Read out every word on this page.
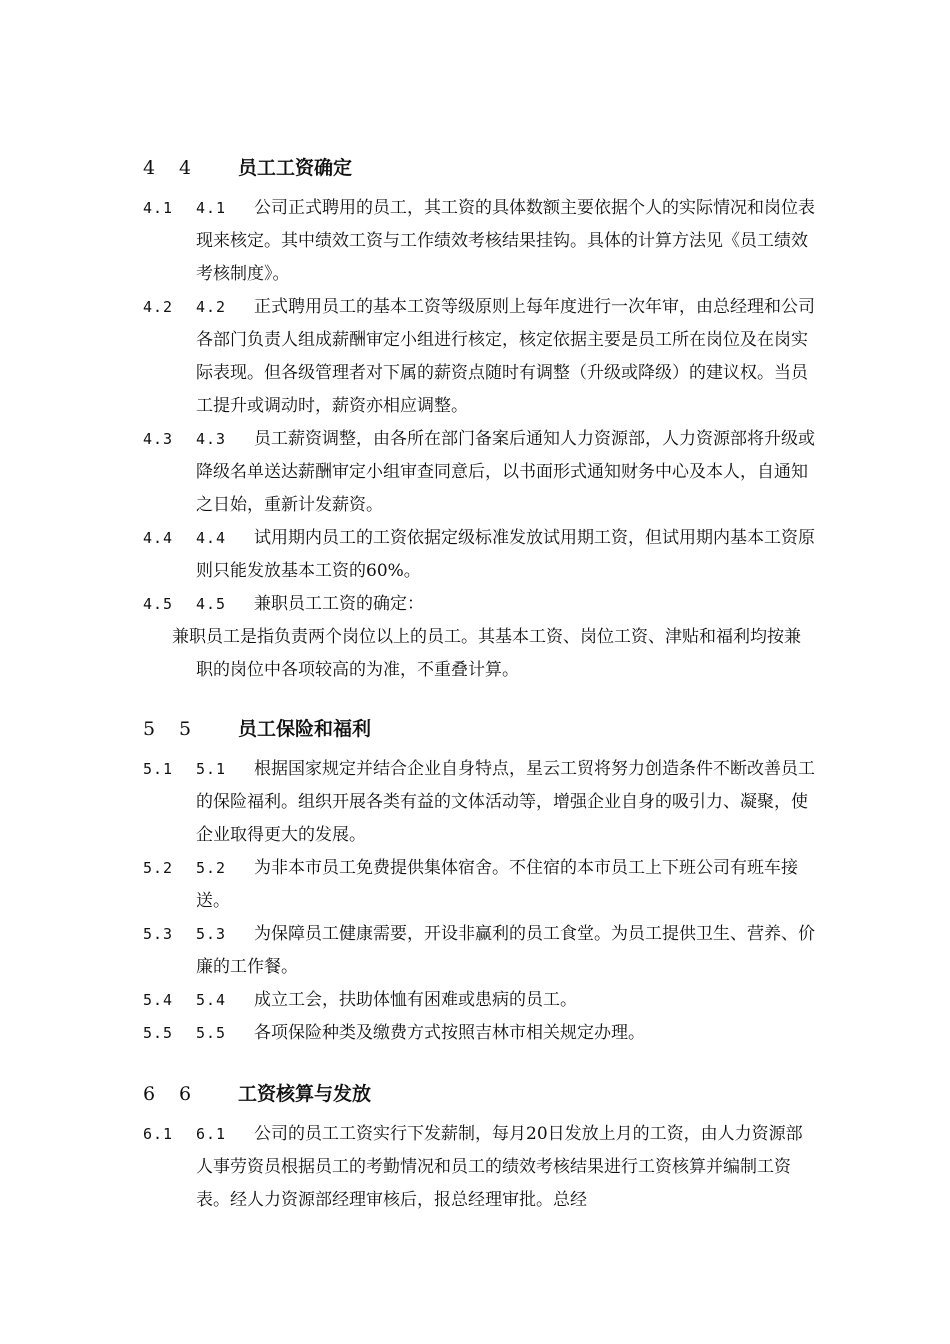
4 4 员工工资确定
4.1 4.1 公司正式聘用的员工，其工资的具体数额主要依据个人的实际情况和岗位表现来核定。其中绩效工资与工作绩效考核结果挂钩。具体的计算方法见《员工绩效考核制度》。
4.2 4.2 正式聘用员工的基本工资等级原则上每年度进行一次年审，由总经理和公司各部门负责人组成薪酬审定小组进行核定，核定依据主要是员工所在岗位及在岗实际表现。但各级管理者对下属的薪资点随时有调整（升级或降级）的建议权。当员工提升或调动时，薪资亦相应调整。
4.3 4.3 员工薪资调整，由各所在部门备案后通知人力资源部，人力资源部将升级或降级名单送达薪酬审定小组审查同意后，以书面形式通知财务中心及本人，自通知之日始，重新计发薪资。
4.4 4.4 试用期内员工的工资依据定级标准发放试用期工资，但试用期内基本工资原则只能发放基本工资的60%。
4.5 4.5 兼职员工工资的确定：
兼职员工是指负责两个岗位以上的员工。其基本工资、岗位工资、津贴和福利均按兼职的岗位中各项较高的为准，不重叠计算。
5 5 员工保险和福利
5.1 5.1 根据国家规定并结合企业自身特点，星云工贸将努力创造条件不断改善员工的保险福利。组织开展各类有益的文体活动等，增强企业自身的吸引力、凝聚，使企业取得更大的发展。
5.2 5.2 为非本市员工免费提供集体宿舍。不住宿的本市员工上下班公司有班车接送。
5.3 5.3 为保障员工健康需要，开设非赢利的员工食堂。为员工提供卫生、营养、价廉的工作餐。
5.4 5.4 成立工会，扶助体恤有困难或患病的员工。
5.5 5.5 各项保险种类及缴费方式按照吉林市相关规定办理。
6 6 工资核算与发放
6.1 6.1 公司的员工工资实行下发薪制，每月20日发放上月的工资，由人力资源部人事劳资员根据员工的考勤情况和员工的绩效考核结果进行工资核算并编制工资表。经人力资源部经理审核后，报总经理审批。总经
